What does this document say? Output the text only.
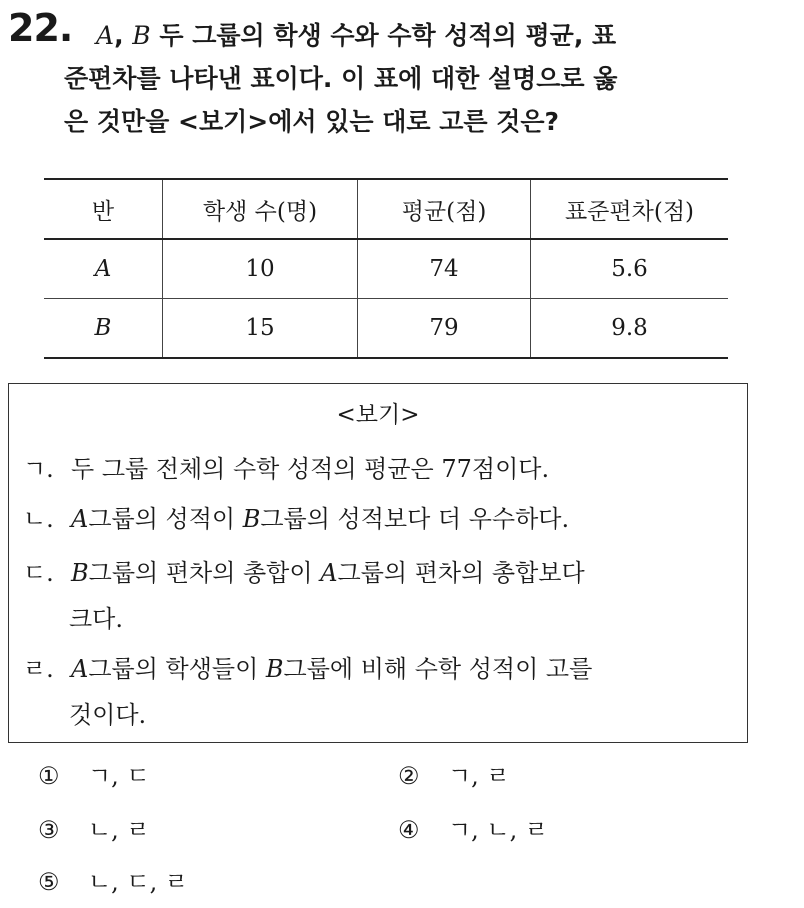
22. A, B 두 그룹의 학생 수와 수학 성적의 평균, 표
준편차를 나타낸 표이다. 이 표에 대한 설명으로 옳
은 것만을 <보기>에서 있는 대로 고른 것은?
반	학생 수(명)	평균(점)	표준편차(점)
A	10	74	5.6
B	15	79	9.8
<보기>
ㄱ. 두 그룹 전체의 수학 성적의 평균은 77점이다.
ㄴ. A그룹의 성적이 B그룹의 성적보다 더 우수하다.
ㄷ. B그룹의 편차의 총합이 A그룹의 편차의 총합보다
크다.
ㄹ. A그룹의 학생들이 B그룹에 비해 수학 성적이 고를
것이다.
① ㄱ, ㄷ	② ㄱ, ㄹ
③ ㄴ, ㄹ	④ ㄱ, ㄴ, ㄹ
⑤ ㄴ, ㄷ, ㄹ
